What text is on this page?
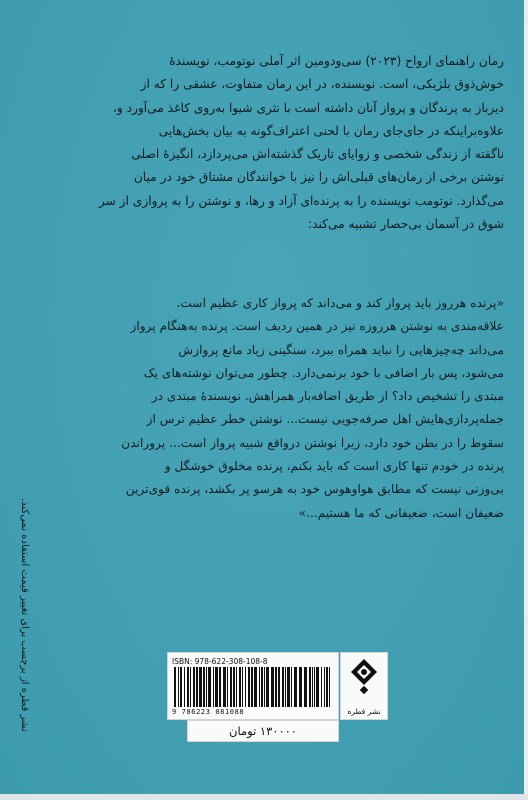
رمان راهنمای ارواح (۲۰۲۳) سی‌ودومین اثر آملی نوتومب، نویسندهٔ

خوش‌ذوق بلژیکی، است. نویسنده، در این رمان متفاوت، عشقی را که از

دیرباز به پرندگان و پرواز آنان داشته است با نثری شیوا به‌روی کاغذ می‌آورد و،

علاوه‌براینکه در جای‌جای رمان با لحنی اعتراف‌گونه به بیان بخش‌هایی

ناگفته از زندگی شخصی و زوایای تاریک گذشته‌اش می‌پردازد، انگیزهٔ اصلی

نوشتن برخی از رمان‌های قبلی‌اش را نیز با خوانندگان مشتاق خود در میان

می‌گذارد. نوتومب نویسنده را به پرنده‌ای آزاد و رها، و نوشتن را به پروازی از سر

شوق در آسمان بی‌حصار تشبیه می‌کند:

«پرنده هرروز باید پرواز کند و می‌داند که پرواز کاری عظیم است.

علاقه‌مندی به نوشتن هرروزه نیز در همین ردیف است. پرنده به‌هنگام پرواز

می‌داند چه‌چیزهایی را نباید همراه ببرد، سنگینی زیاد مانع پروازش

می‌شود، پس بار اضافی با خود برنمی‌دارد. چطور می‌توان نوشته‌های یک

مبتدی را تشخیص داد؟ از طریق اضافه‌بار همراهش. نویسندهٔ مبتدی در

جمله‌پردازی‌هایش اهل صرفه‌جویی نیست... نوشتن خطر عظیم ترس از

سقوط را در بطن خود دارد، زیرا نوشتن درواقع شبیه پرواز است... پروراندن

پرنده در خودم تنها کاری است که باید بکنم، پرنده مخلوق خوشگل و

بی‌وزنی نیست که مطابق هواوهوس خود به هرسو پر بکشد، پرنده قوی‌ترین

ضعیفان است، ضعیفانی که ما هستیم...»

نشر قطره از برچسب برای تغییر قیمت استفاده نمی‌کند.	ISBN: 978-622-308-108-8
9 786223 081088	نشر قطره
۱۳۰۰۰۰ تومان
